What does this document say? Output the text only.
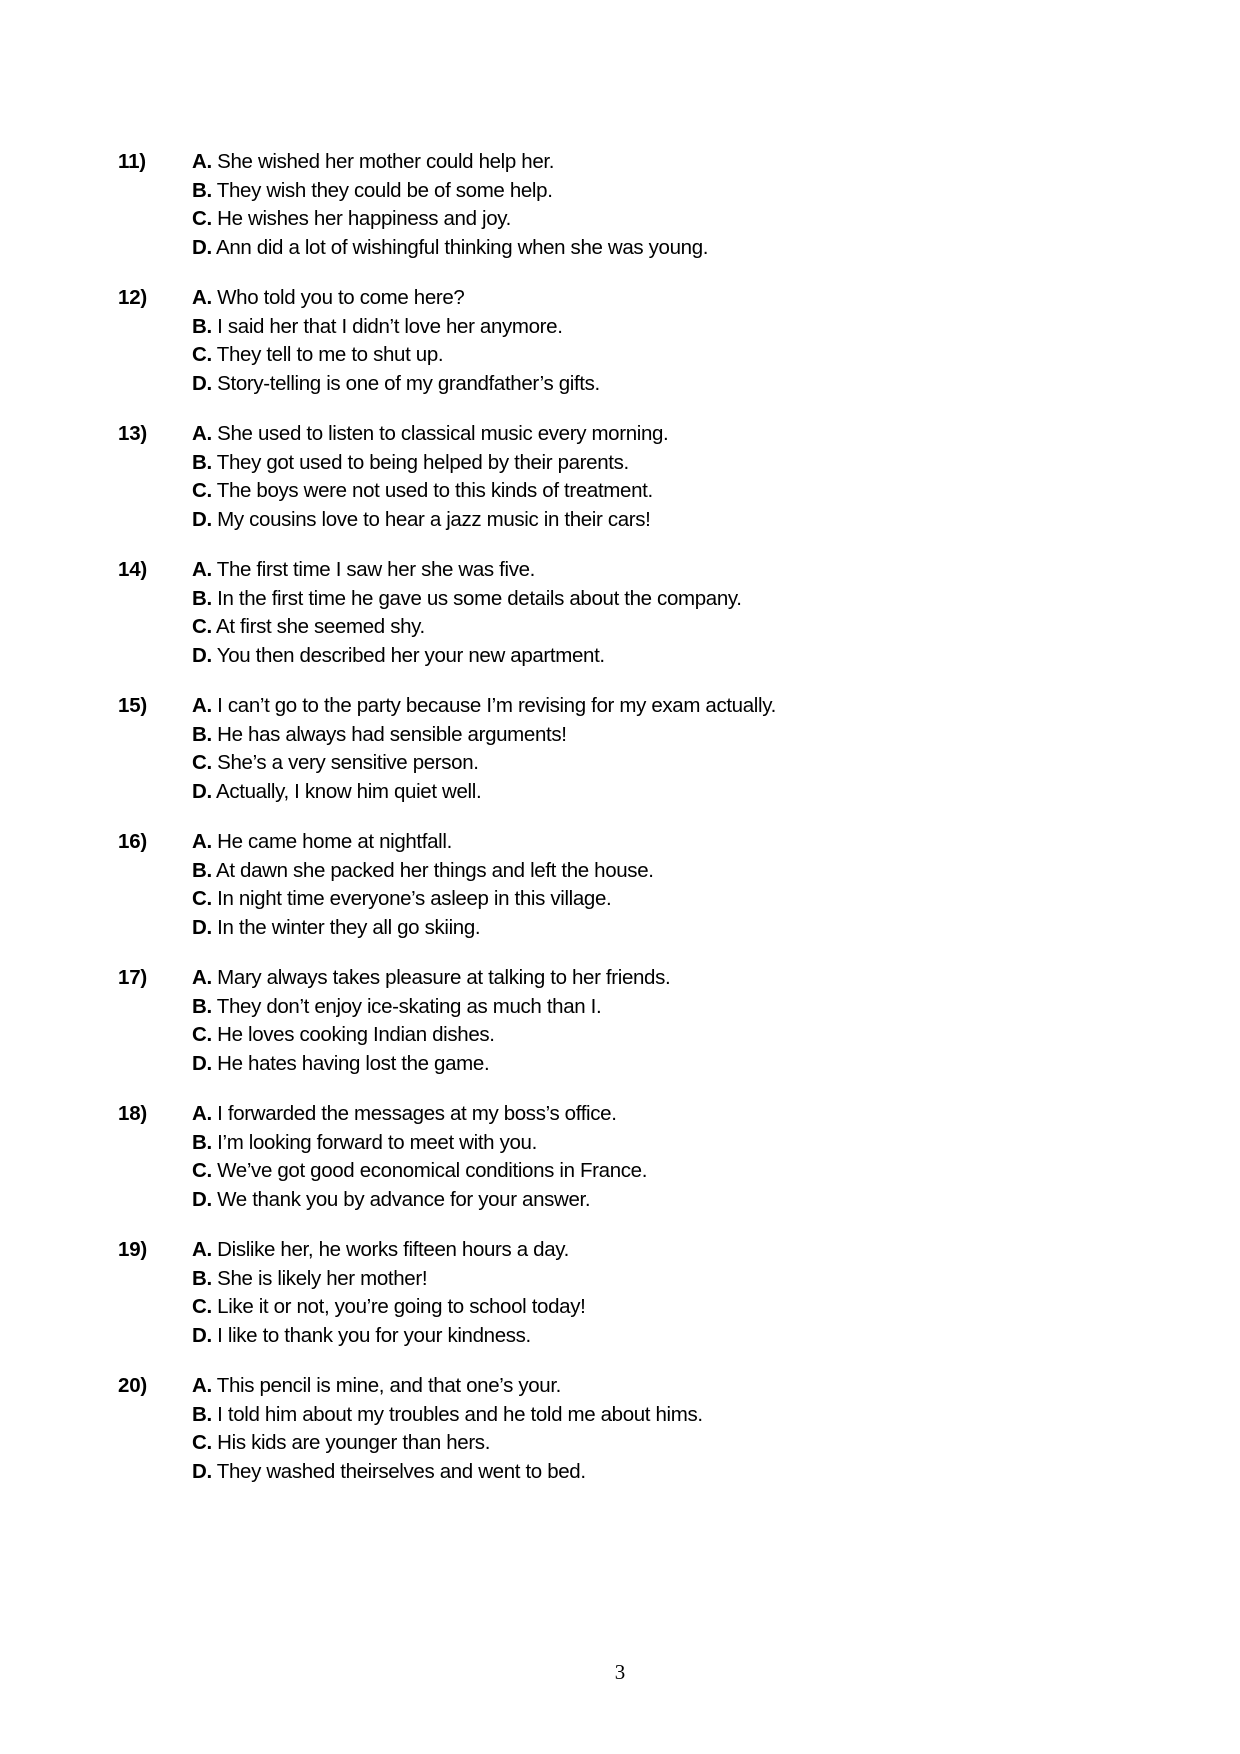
11) A. She wished her mother could help her.
B. They wish they could be of some help.
C. He wishes her happiness and joy.
D. Ann did a lot of wishingful thinking when she was young.
12) A. Who told you to come here?
B. I said her that I didn’t love her anymore.
C. They tell to me to shut up.
D. Story-telling is one of my grandfather’s gifts.
13) A. She used to listen to classical music every morning.
B. They got used to being helped by their parents.
C. The boys were not used to this kinds of treatment.
D. My cousins love to hear a jazz music in their cars!
14) A. The first time I saw her she was five.
B. In the first time he gave us some details about the company.
C. At first she seemed shy.
D. You then described her your new apartment.
15) A. I can’t go to the party because I’m revising for my exam actually.
B. He has always had sensible arguments!
C. She’s a very sensitive person.
D. Actually, I know him quiet well.
16) A. He came home at nightfall.
B. At dawn she packed her things and left the house.
C. In night time everyone’s asleep in this village.
D. In the winter they all go skiing.
17) A. Mary always takes pleasure at talking to her friends.
B. They don’t enjoy ice-skating as much than I.
C. He loves cooking Indian dishes.
D. He hates having lost the game.
18) A. I forwarded the messages at my boss’s office.
B. I’m looking forward to meet with you.
C. We’ve got good economical conditions in France.
D. We thank you by advance for your answer.
19) A. Dislike her, he works fifteen hours a day.
B. She is likely her mother!
C. Like it or not, you’re going to school today!
D. I like to thank you for your kindness.
20) A. This pencil is mine, and that one’s your.
B. I told him about my troubles and he told me about hims.
C. His kids are younger than hers.
D. They washed theirselves and went to bed.
3
